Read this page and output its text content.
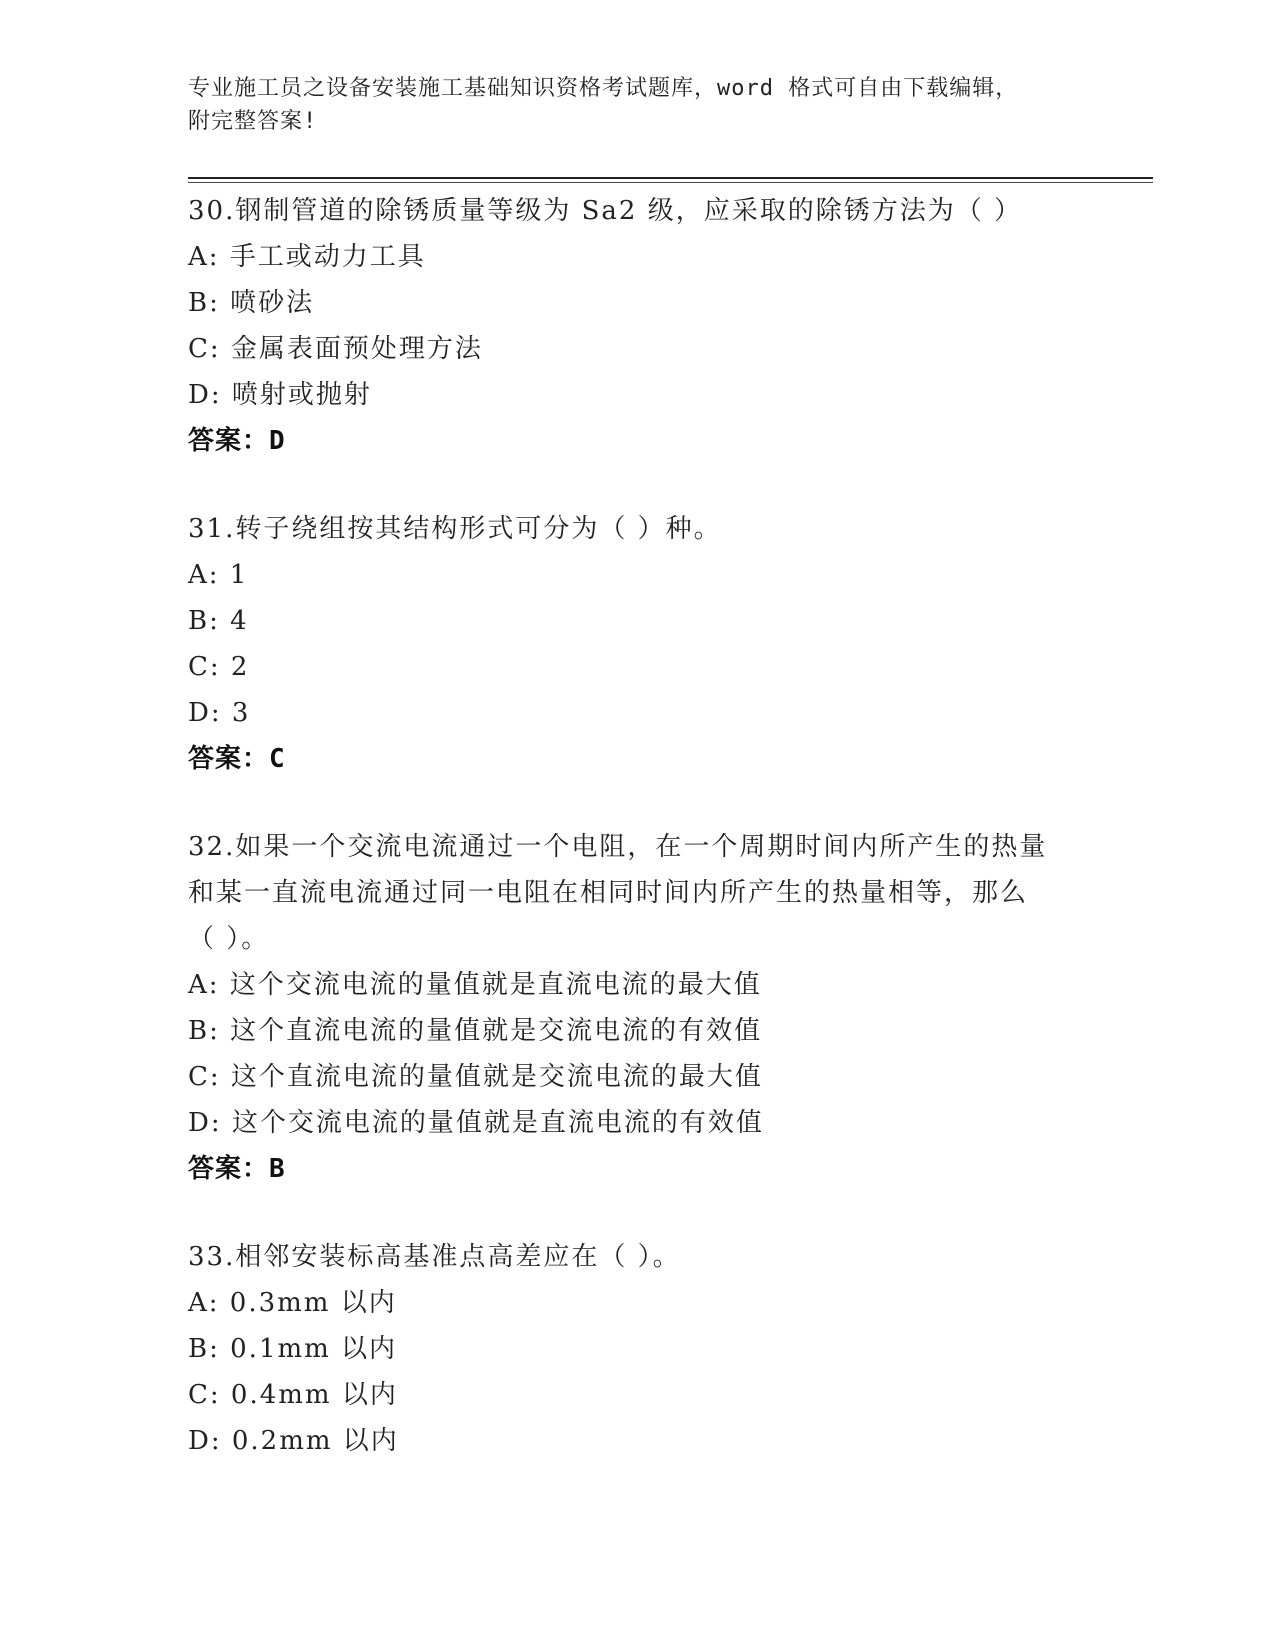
专业施工员之设备安装施工基础知识资格考试题库，word 格式可自由下载编辑，
附完整答案!

30.钢制管道的除锈质量等级为 Sa2 级，应采取的除锈方法为（ ）

A: 手工或动力工具

B: 喷砂法

C: 金属表面预处理方法

D: 喷射或抛射

答案：D

31.转子绕组按其结构形式可分为（ ）种。

A: 1

B: 4

C: 2

D: 3

答案：C

32.如果一个交流电流通过一个电阻，在一个周期时间内所产生的热量

和某一直流电流通过同一电阻在相同时间内所产生的热量相等，那么

（ ）。

A: 这个交流电流的量值就是直流电流的最大值

B: 这个直流电流的量值就是交流电流的有效值

C: 这个直流电流的量值就是交流电流的最大值

D: 这个交流电流的量值就是直流电流的有效值

答案：B

33.相邻安装标高基准点高差应在（ ）。

A: 0.3mm 以内

B: 0.1mm 以内

C: 0.4mm 以内

D: 0.2mm 以内
